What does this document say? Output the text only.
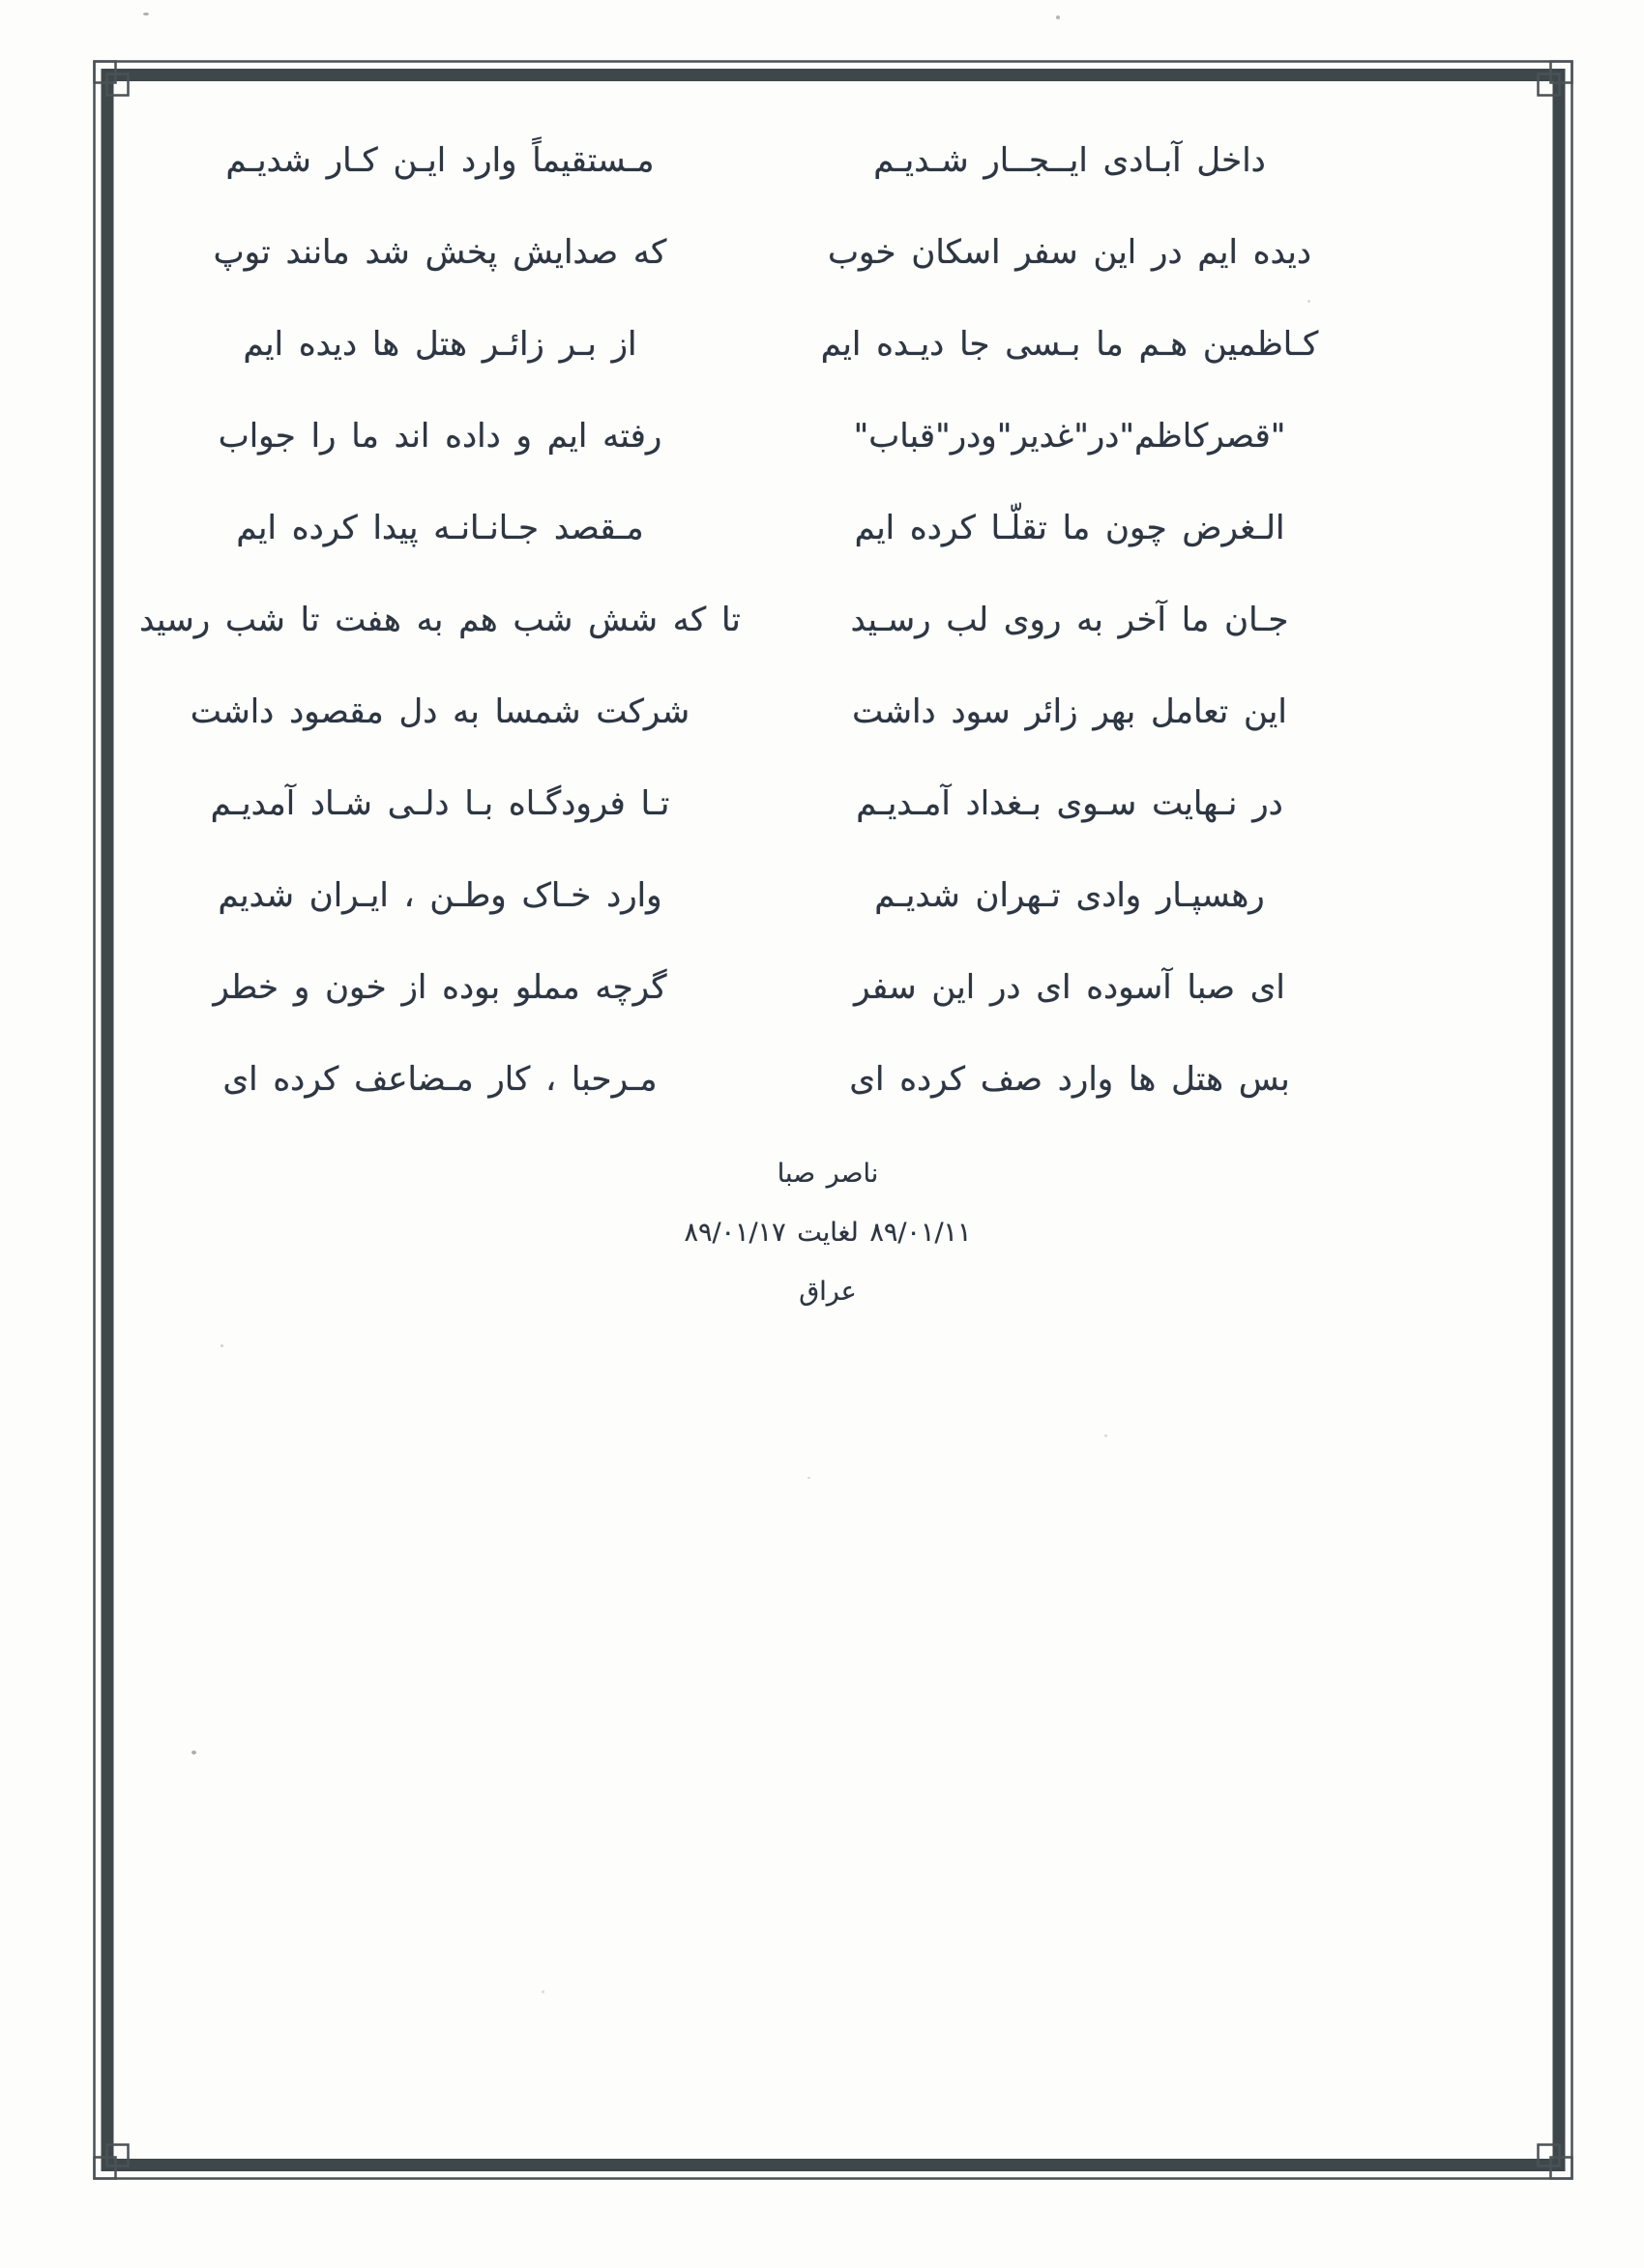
داخل آبـادی ایــجــار شـدیـم
مـستقیماً وارد ایـن کـار شدیـم
دیده ایم در این سفر اسکان خوب
که صدایش پخش شد مانند توپ
کـاظمین هـم ما بـسی جا دیـده ایم
از بـر زائـر هتل ها دیده ایم
"قصرکاظم"در"غدیر"ودر"قباب"
رفته ایم و داده اند ما را جواب
الـغرض چون ما تقلّـا کرده ایم
مـقصد جـانـانـه پیدا کرده ایم
جـان ما آخر به روی لب رسـید
تا که شش شب هم به هفت تا شب رسید
این تعامل بهر زائر سود داشت
شرکت شمسا به دل مقصود داشت
در نـهایت سـوی بـغداد آمـدیـم
تـا فرودگـاه بـا دلـی شـاد آمدیـم
رهسپـار وادی تـهران شدیـم
وارد خـاک وطـن ، ایـران شدیم
ای صبا آسوده ای در این سفر
گرچه مملو بوده از خون و خطر
بس هتل ها وارد صف کرده ای
مـرحبا ، کار مـضاعف کرده ای
ناصر صبا
۸۹/۰۱/۱۱ لغایت ۸۹/۰۱/۱۷
عراق
